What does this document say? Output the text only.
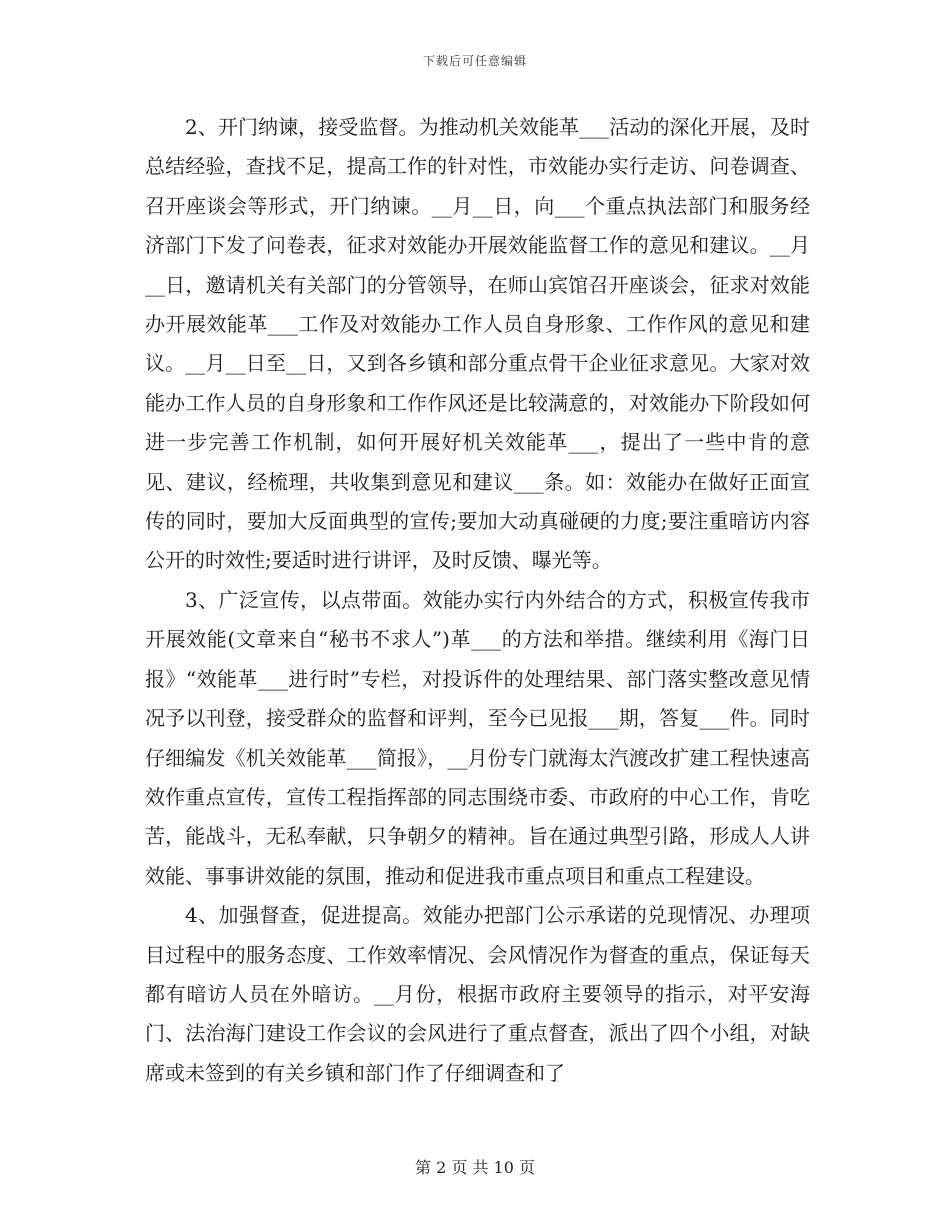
下载后可任意编辑

2、开门纳谏，接受监督。为推动机关效能革___活动的深化开展，及时总结经验，查找不足，提高工作的针对性，市效能办实行走访、问卷调查、召开座谈会等形式，开门纳谏。__月__日，向___个重点执法部门和服务经济部门下发了问卷表，征求对效能办开展效能监督工作的意见和建议。__月__日，邀请机关有关部门的分管领导，在师山宾馆召开座谈会，征求对效能办开展效能革___工作及对效能办工作人员自身形象、工作作风的意见和建议。__月__日至__日，又到各乡镇和部分重点骨干企业征求意见。大家对效能办工作人员的自身形象和工作作风还是比较满意的，对效能办下阶段如何进一步完善工作机制，如何开展好机关效能革___，提出了一些中肯的意见、建议，经梳理，共收集到意见和建议___条。如：效能办在做好正面宣传的同时，要加大反面典型的宣传;要加大动真碰硬的力度;要注重暗访内容公开的时效性;要适时进行讲评，及时反馈、曝光等。

3、广泛宣传，以点带面。效能办实行内外结合的方式，积极宣传我市开展效能(文章来自“秘书不求人”)革___的方法和举措。继续利用《海门日报》“效能革___进行时”专栏，对投诉件的处理结果、部门落实整改意见情况予以刊登，接受群众的监督和评判，至今已见报___期，答复___件。同时仔细编发《机关效能革___简报》，__月份专门就海太汽渡改扩建工程快速高效作重点宣传，宣传工程指挥部的同志围绕市委、市政府的中心工作，肯吃苦，能战斗，无私奉献，只争朝夕的精神。旨在通过典型引路，形成人人讲效能、事事讲效能的氛围，推动和促进我市重点项目和重点工程建设。

4、加强督查，促进提高。效能办把部门公示承诺的兑现情况、办理项目过程中的服务态度、工作效率情况、会风情况作为督查的重点，保证每天都有暗访人员在外暗访。__月份，根据市政府主要领导的指示，对平安海门、法治海门建设工作会议的会风进行了重点督查，派出了四个小组，对缺席或未签到的有关乡镇和部门作了仔细调查和了

第 2 页 共 10 页
